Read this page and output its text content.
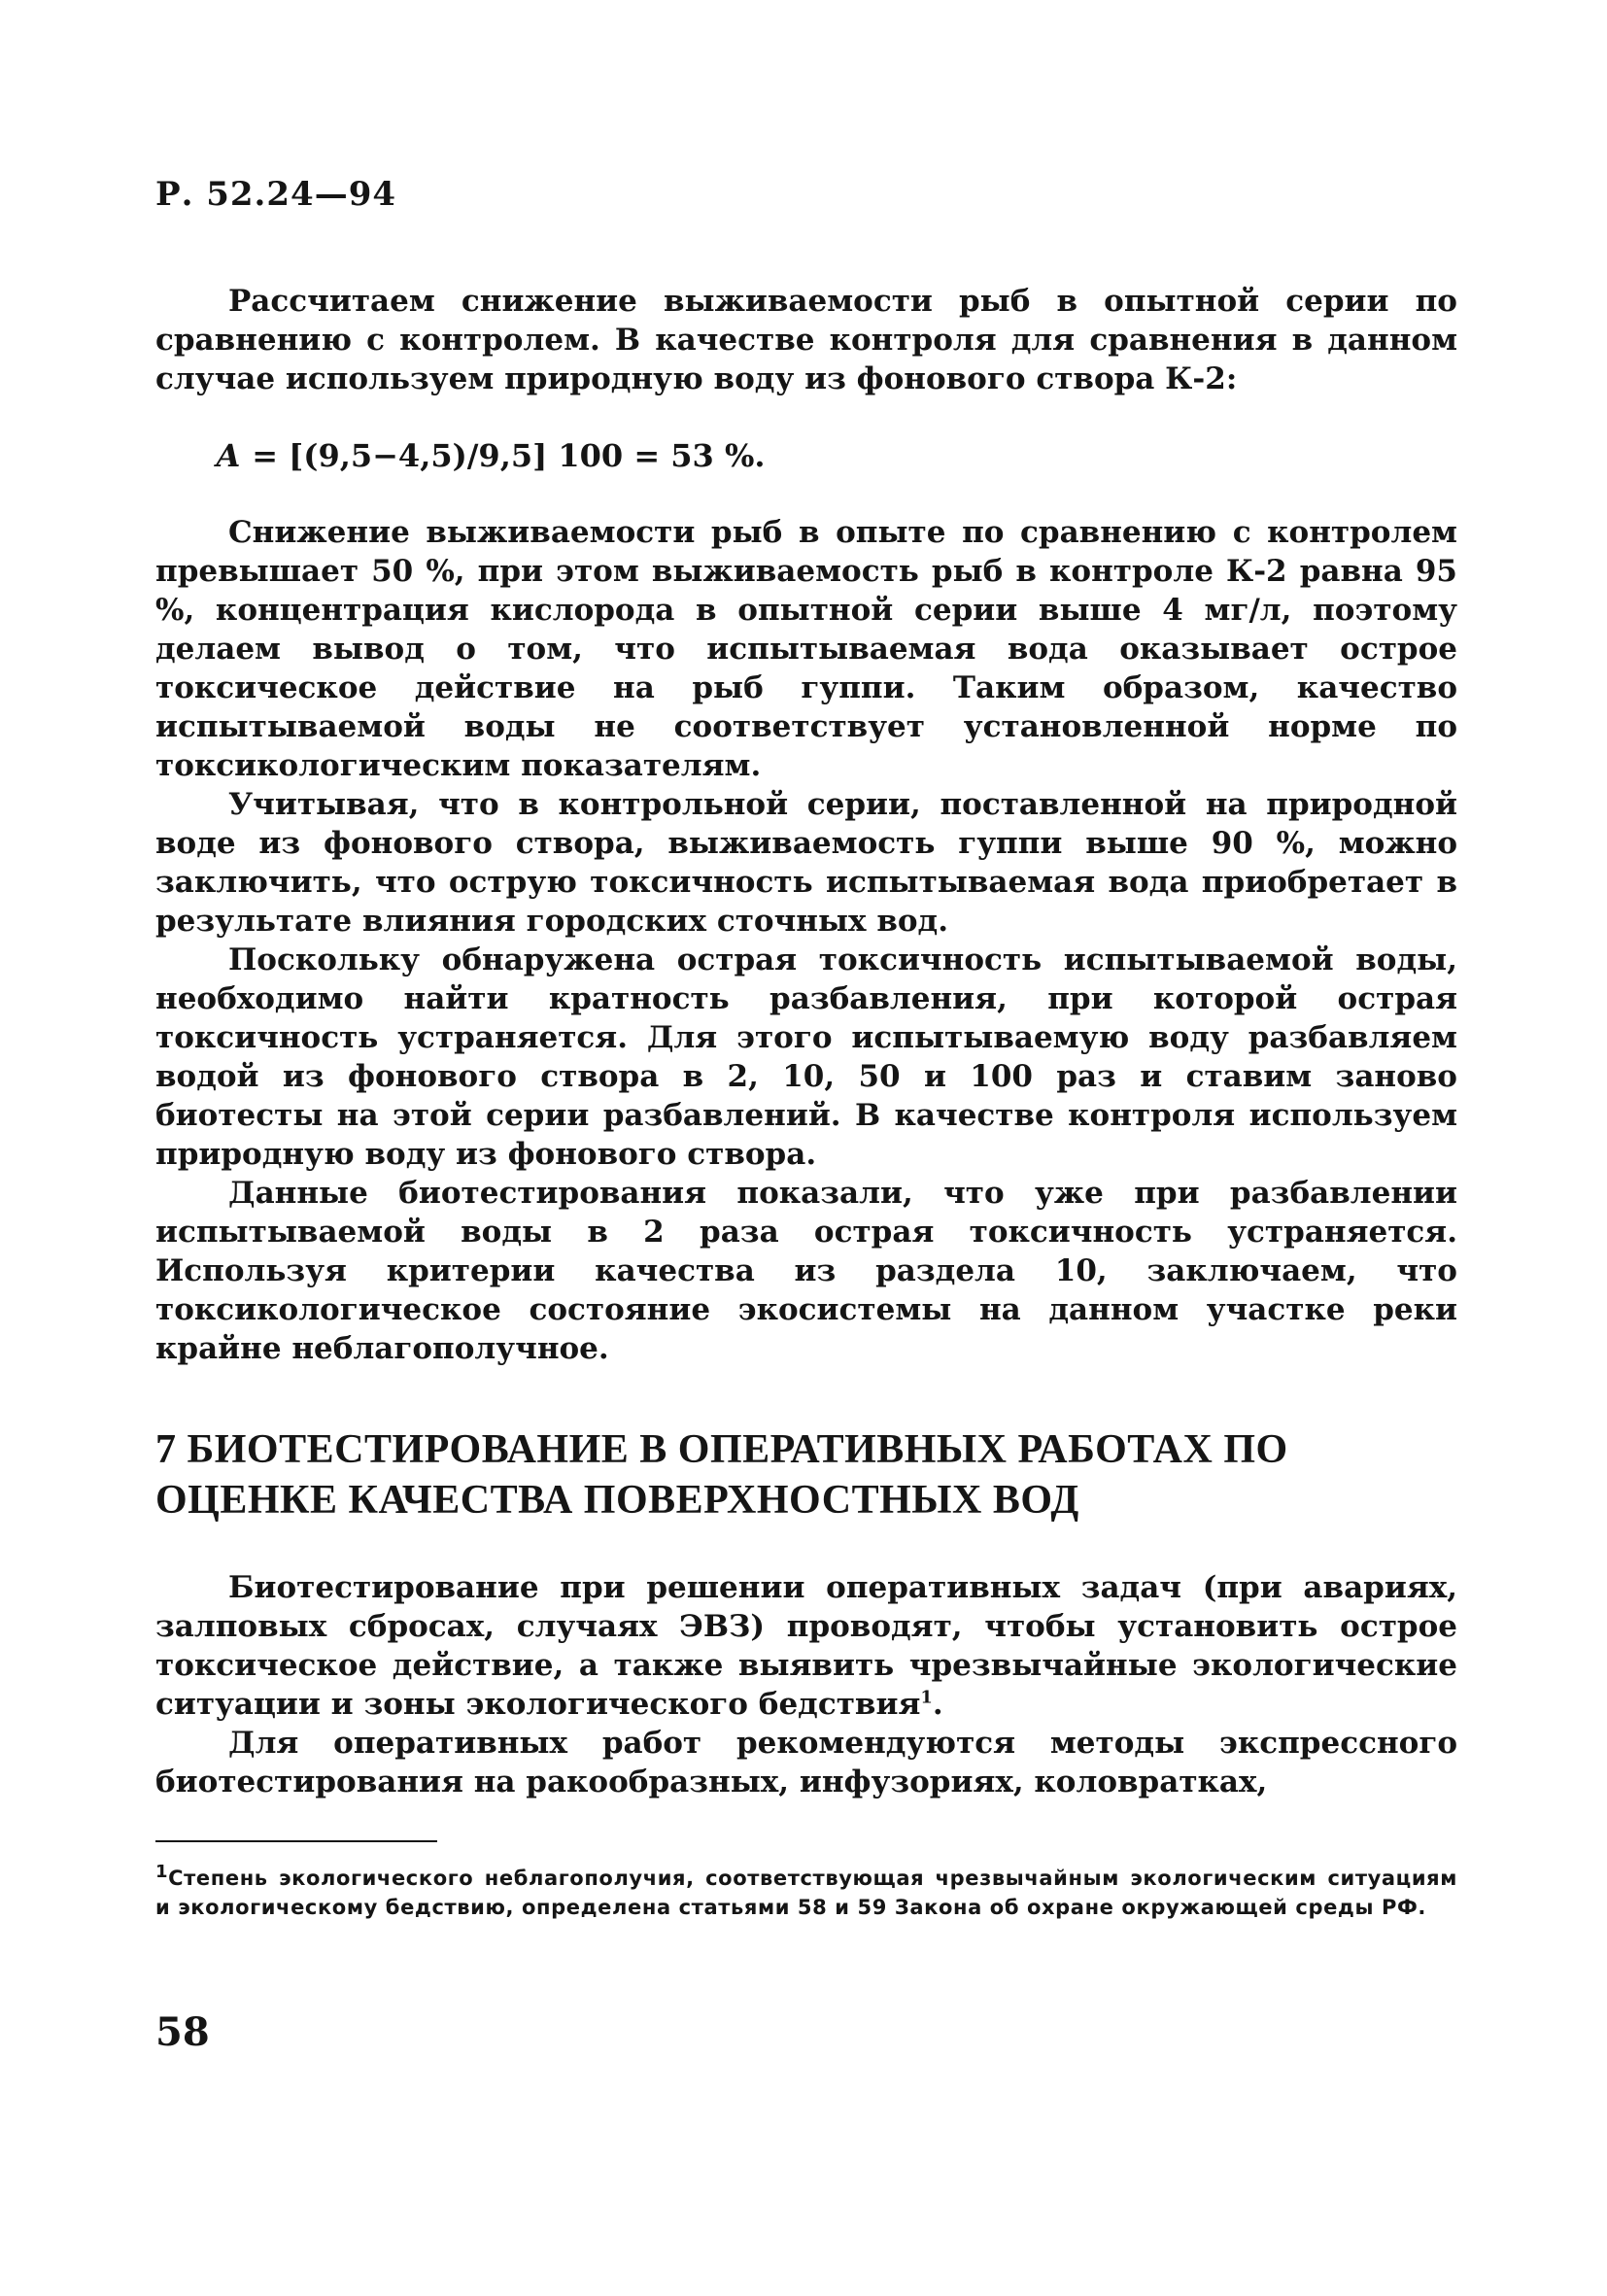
Р. 52.24—94

Рассчитаем снижение выживаемости рыб в опытной серии по сравнению с контролем. В качестве контроля для сравнения в данном случае используем природную воду из фонового створа К-2:

А = [(9,5−4,5)/9,5] 100 = 53 %.

Снижение выживаемости рыб в опыте по сравнению с контролем превышает 50 %, при этом выживаемость рыб в контроле К-2 равна 95 %, концентрация кислорода в опытной серии выше 4 мг/л, поэтому делаем вывод о том, что испытываемая вода оказывает острое токсическое действие на рыб гуппи. Таким образом, качество испытываемой воды не соответствует установленной норме по токсикологическим показателям.

Учитывая, что в контрольной серии, поставленной на природной воде из фонового створа, выживаемость гуппи выше 90 %, можно заключить, что острую токсичность испытываемая вода приобретает в результате влияния городских сточных вод.

Поскольку обнаружена острая токсичность испытываемой воды, необходимо найти кратность разбавления, при которой острая токсичность устраняется. Для этого испытываемую воду разбавляем водой из фонового створа в 2, 10, 50 и 100 раз и ставим заново биотесты на этой серии разбавлений. В качестве контроля используем природную воду из фонового створа.

Данные биотестирования показали, что уже при разбавлении испытываемой воды в 2 раза острая токсичность устраняется. Используя критерии качества из раздела 10, заключаем, что токсикологическое состояние экосистемы на данном участке реки крайне неблагополучное.

7 БИОТЕСТИРОВАНИЕ В ОПЕРАТИВНЫХ РАБОТАХ ПО ОЦЕНКЕ КАЧЕСТВА ПОВЕРХНОСТНЫХ ВОД

Биотестирование при решении оперативных задач (при авариях, залповых сбросах, случаях ЭВЗ) проводят, чтобы установить острое токсическое действие, а также выявить чрезвычайные экологические ситуации и зоны экологического бедствия$^1$.

Для оперативных работ рекомендуются методы экспрессного биотестирования на ракообразных, инфузориях, коловратках,

$^1$Степень экологического неблагополучия, соответствующая чрезвычайным экологическим ситуациям и экологическому бедствию, определена статьями 58 и 59 Закона об охране окружающей среды РФ.

58
